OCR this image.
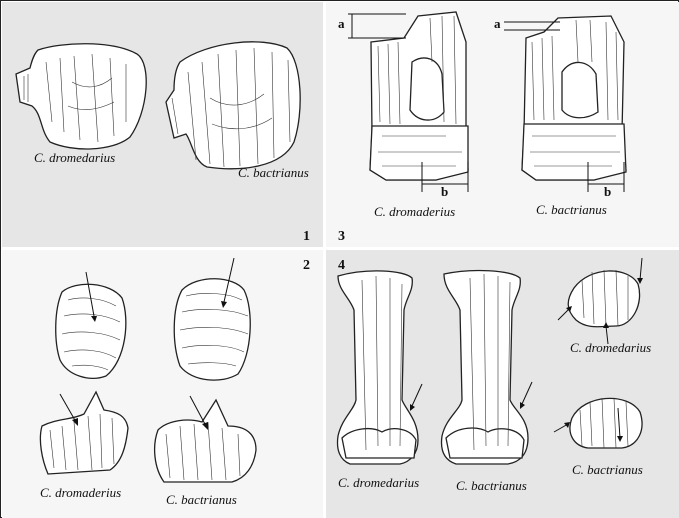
C. dromedarius
C. bactrianus
1
a	a
b	b
C. dromaderius	C. bactrianus
3
C. dromaderius	C. bactrianus
2
C. dromedarius	C. bactrianus
C. dromedarius
C. bactrianus
4
